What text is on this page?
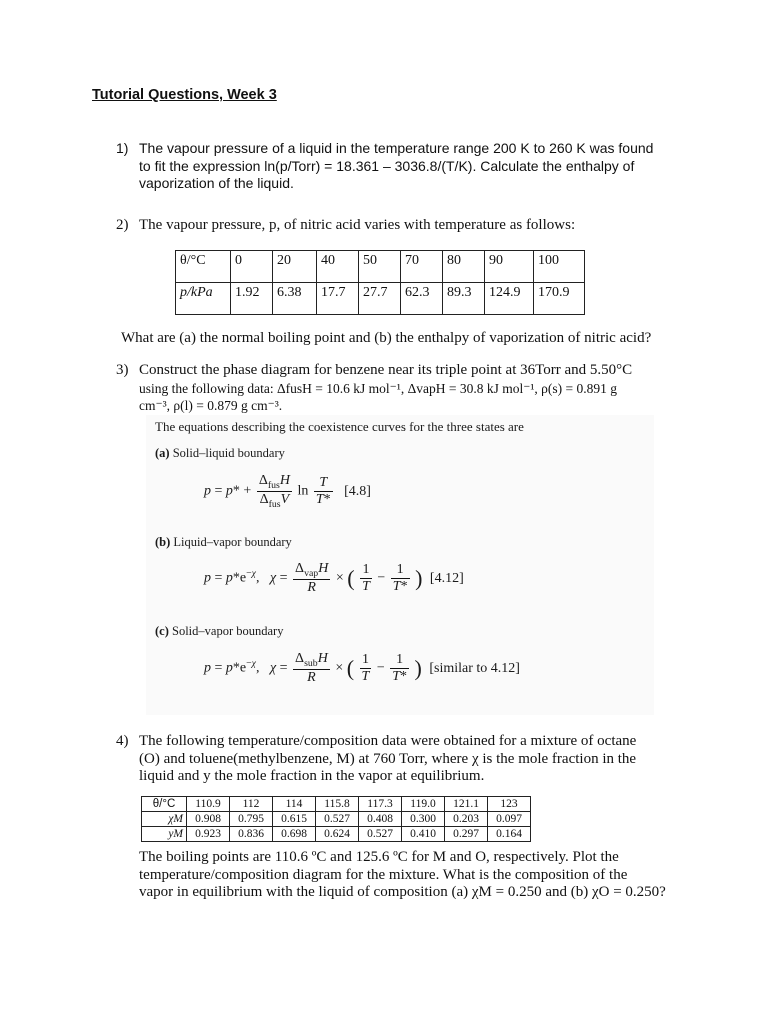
Tutorial Questions, Week 3
1) The vapour pressure of a liquid in the temperature range 200 K to 260 K was found
to fit the expression ln(p/Torr) = 18.361 – 3036.8/(T/K). Calculate the enthalpy of
vaporization of the liquid.
2) The vapour pressure, p, of nitric acid varies with temperature as follows:
θ/°C	0	20	40	50	70	80	90	100
p/kPa	1.92	6.38	17.7	27.7	62.3	89.3	124.9	170.9
What are (a) the normal boiling point and (b) the enthalpy of vaporization of nitric acid?
3) Construct the phase diagram for benzene near its triple point at 36Torr and 5.50°C
using the following data: ΔfusH = 10.6 kJ mol⁻¹, ΔvapH = 30.8 kJ mol⁻¹, ρ(s) = 0.891 g
cm⁻³, ρ(l) = 0.879 g cm⁻³.
The equations describing the coexistence curves for the three states are
(a) Solid–liquid boundary
$p = p* + \frac{\Delta_{fus}H}{\Delta_{fus}V}$ $\ln \frac{T}{T*} [4.8]$
(b) Liquid–vapor boundary
$p = p*e^{-\chi}$,   $\chi = \frac{\Delta_{vap}H}{R}$ × ( $\frac{1}{T} - \frac{1}{T*}$ ) [4.12]
(c) Solid–vapor boundary
$p = p*e^{-\chi}$,   $\chi = \frac{\Delta_{sub}H}{R}$ × ( $\frac{1}{T} - \frac{1}{T*}$ ) [similar to 4.12]
4) The following temperature/composition data were obtained for a mixture of octane
(O) and toluene(methylbenzene, M) at 760 Torr, where χ is the mole fraction in the
liquid and y the mole fraction in the vapor at equilibrium.
θ/°C	110.9	112	114	115.8	117.3	119.0	121.1	123
χM	0.908	0.795	0.615	0.527	0.408	0.300	0.203	0.097
yM	0.923	0.836	0.698	0.624	0.527	0.410	0.297	0.164
The boiling points are 110.6 ºC and 125.6 ºC for M and O, respectively. Plot the
temperature/composition diagram for the mixture. What is the composition of the
vapor in equilibrium with the liquid of composition (a) χM = 0.250 and (b) χO = 0.250?
